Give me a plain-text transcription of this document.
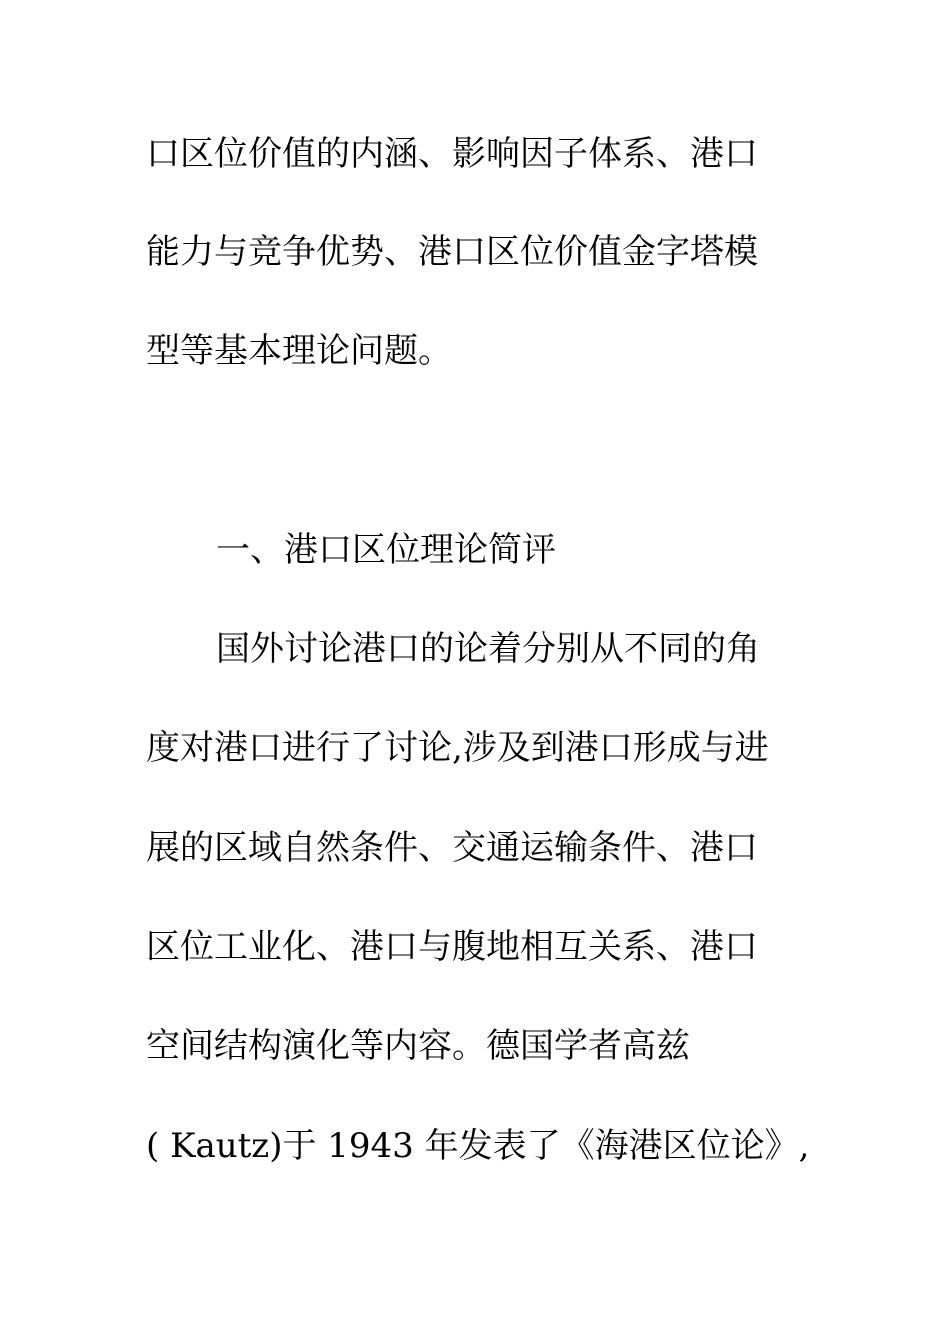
口区位价值的内涵、影响因子体系、港口
能力与竞争优势、港口区位价值金字塔模
型等基本理论问题。
一、港口区位理论简评
国外讨论港口的论着分别从不同的角
度对港口进行了讨论,涉及到港口形成与进
展的区域自然条件、交通运输条件、港口
区位工业化、港口与腹地相互关系、港口
空间结构演化等内容。德国学者高兹
( Kautz)于 1943 年发表了《海港区位论》,
